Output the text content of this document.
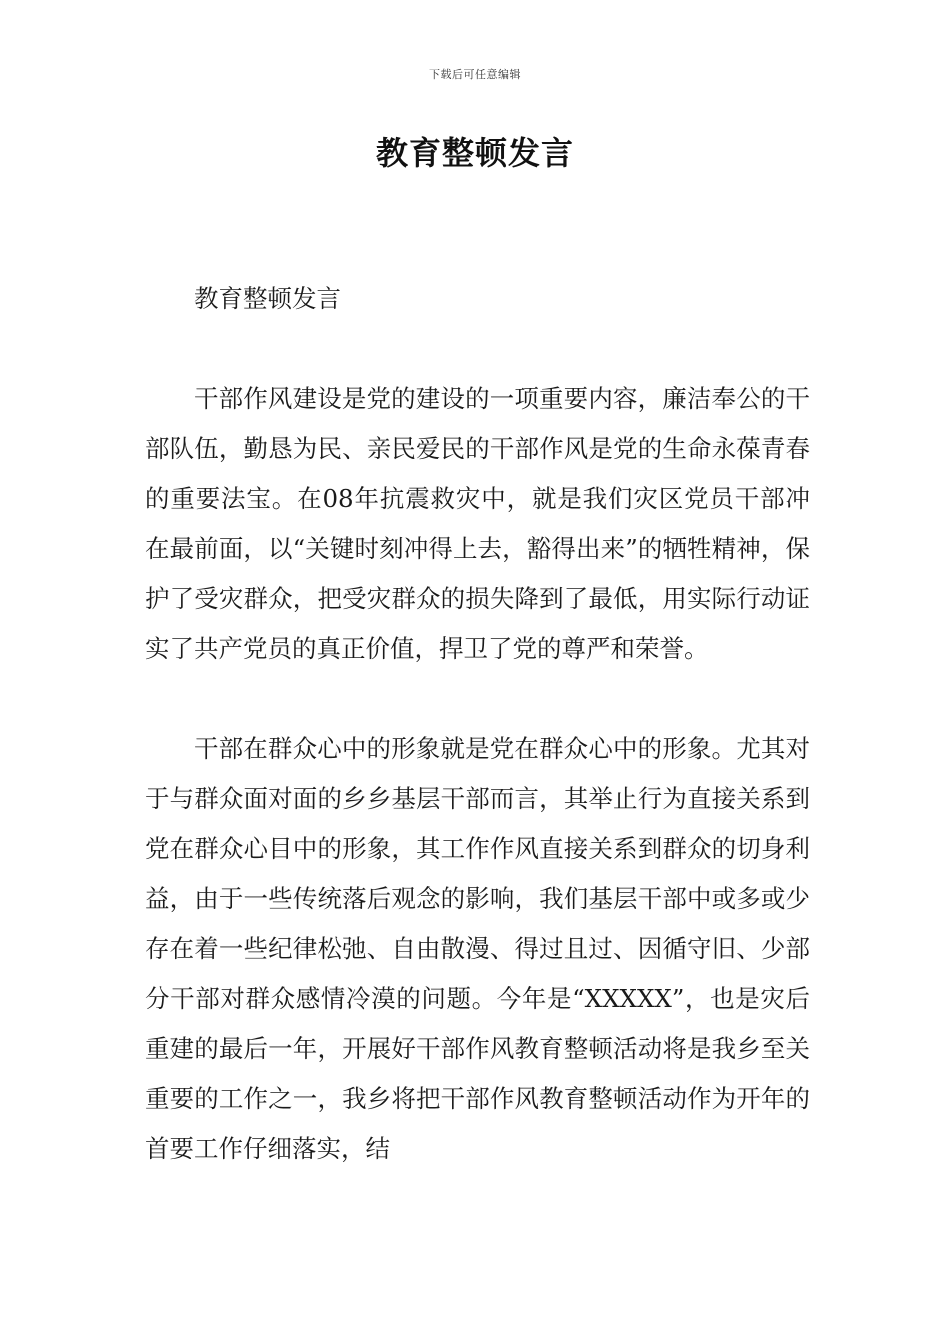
下载后可任意编辑
教育整顿发言

教育整顿发言

干部作风建设是党的建设的一项重要内容，廉洁奉公的干部队伍，勤恳为民、亲民爱民的干部作风是党的生命永葆青春的重要法宝。在08年抗震救灾中，就是我们灾区党员干部冲在最前面，以“关键时刻冲得上去，豁得出来”的牺牲精神，保护了受灾群众，把受灾群众的损失降到了最低，用实际行动证实了共产党员的真正价值，捍卫了党的尊严和荣誉。

干部在群众心中的形象就是党在群众心中的形象。尤其对于与群众面对面的乡乡基层干部而言，其举止行为直接关系到党在群众心目中的形象，其工作作风直接关系到群众的切身利益，由于一些传统落后观念的影响，我们基层干部中或多或少存在着一些纪律松弛、自由散漫、得过且过、因循守旧、少部分干部对群众感情冷漠的问题。今年是“XXXXX”，也是灾后重建的最后一年，开展好干部作风教育整顿活动将是我乡至关重要的工作之一，我乡将把干部作风教育整顿活动作为开年的首要工作仔细落实，结
